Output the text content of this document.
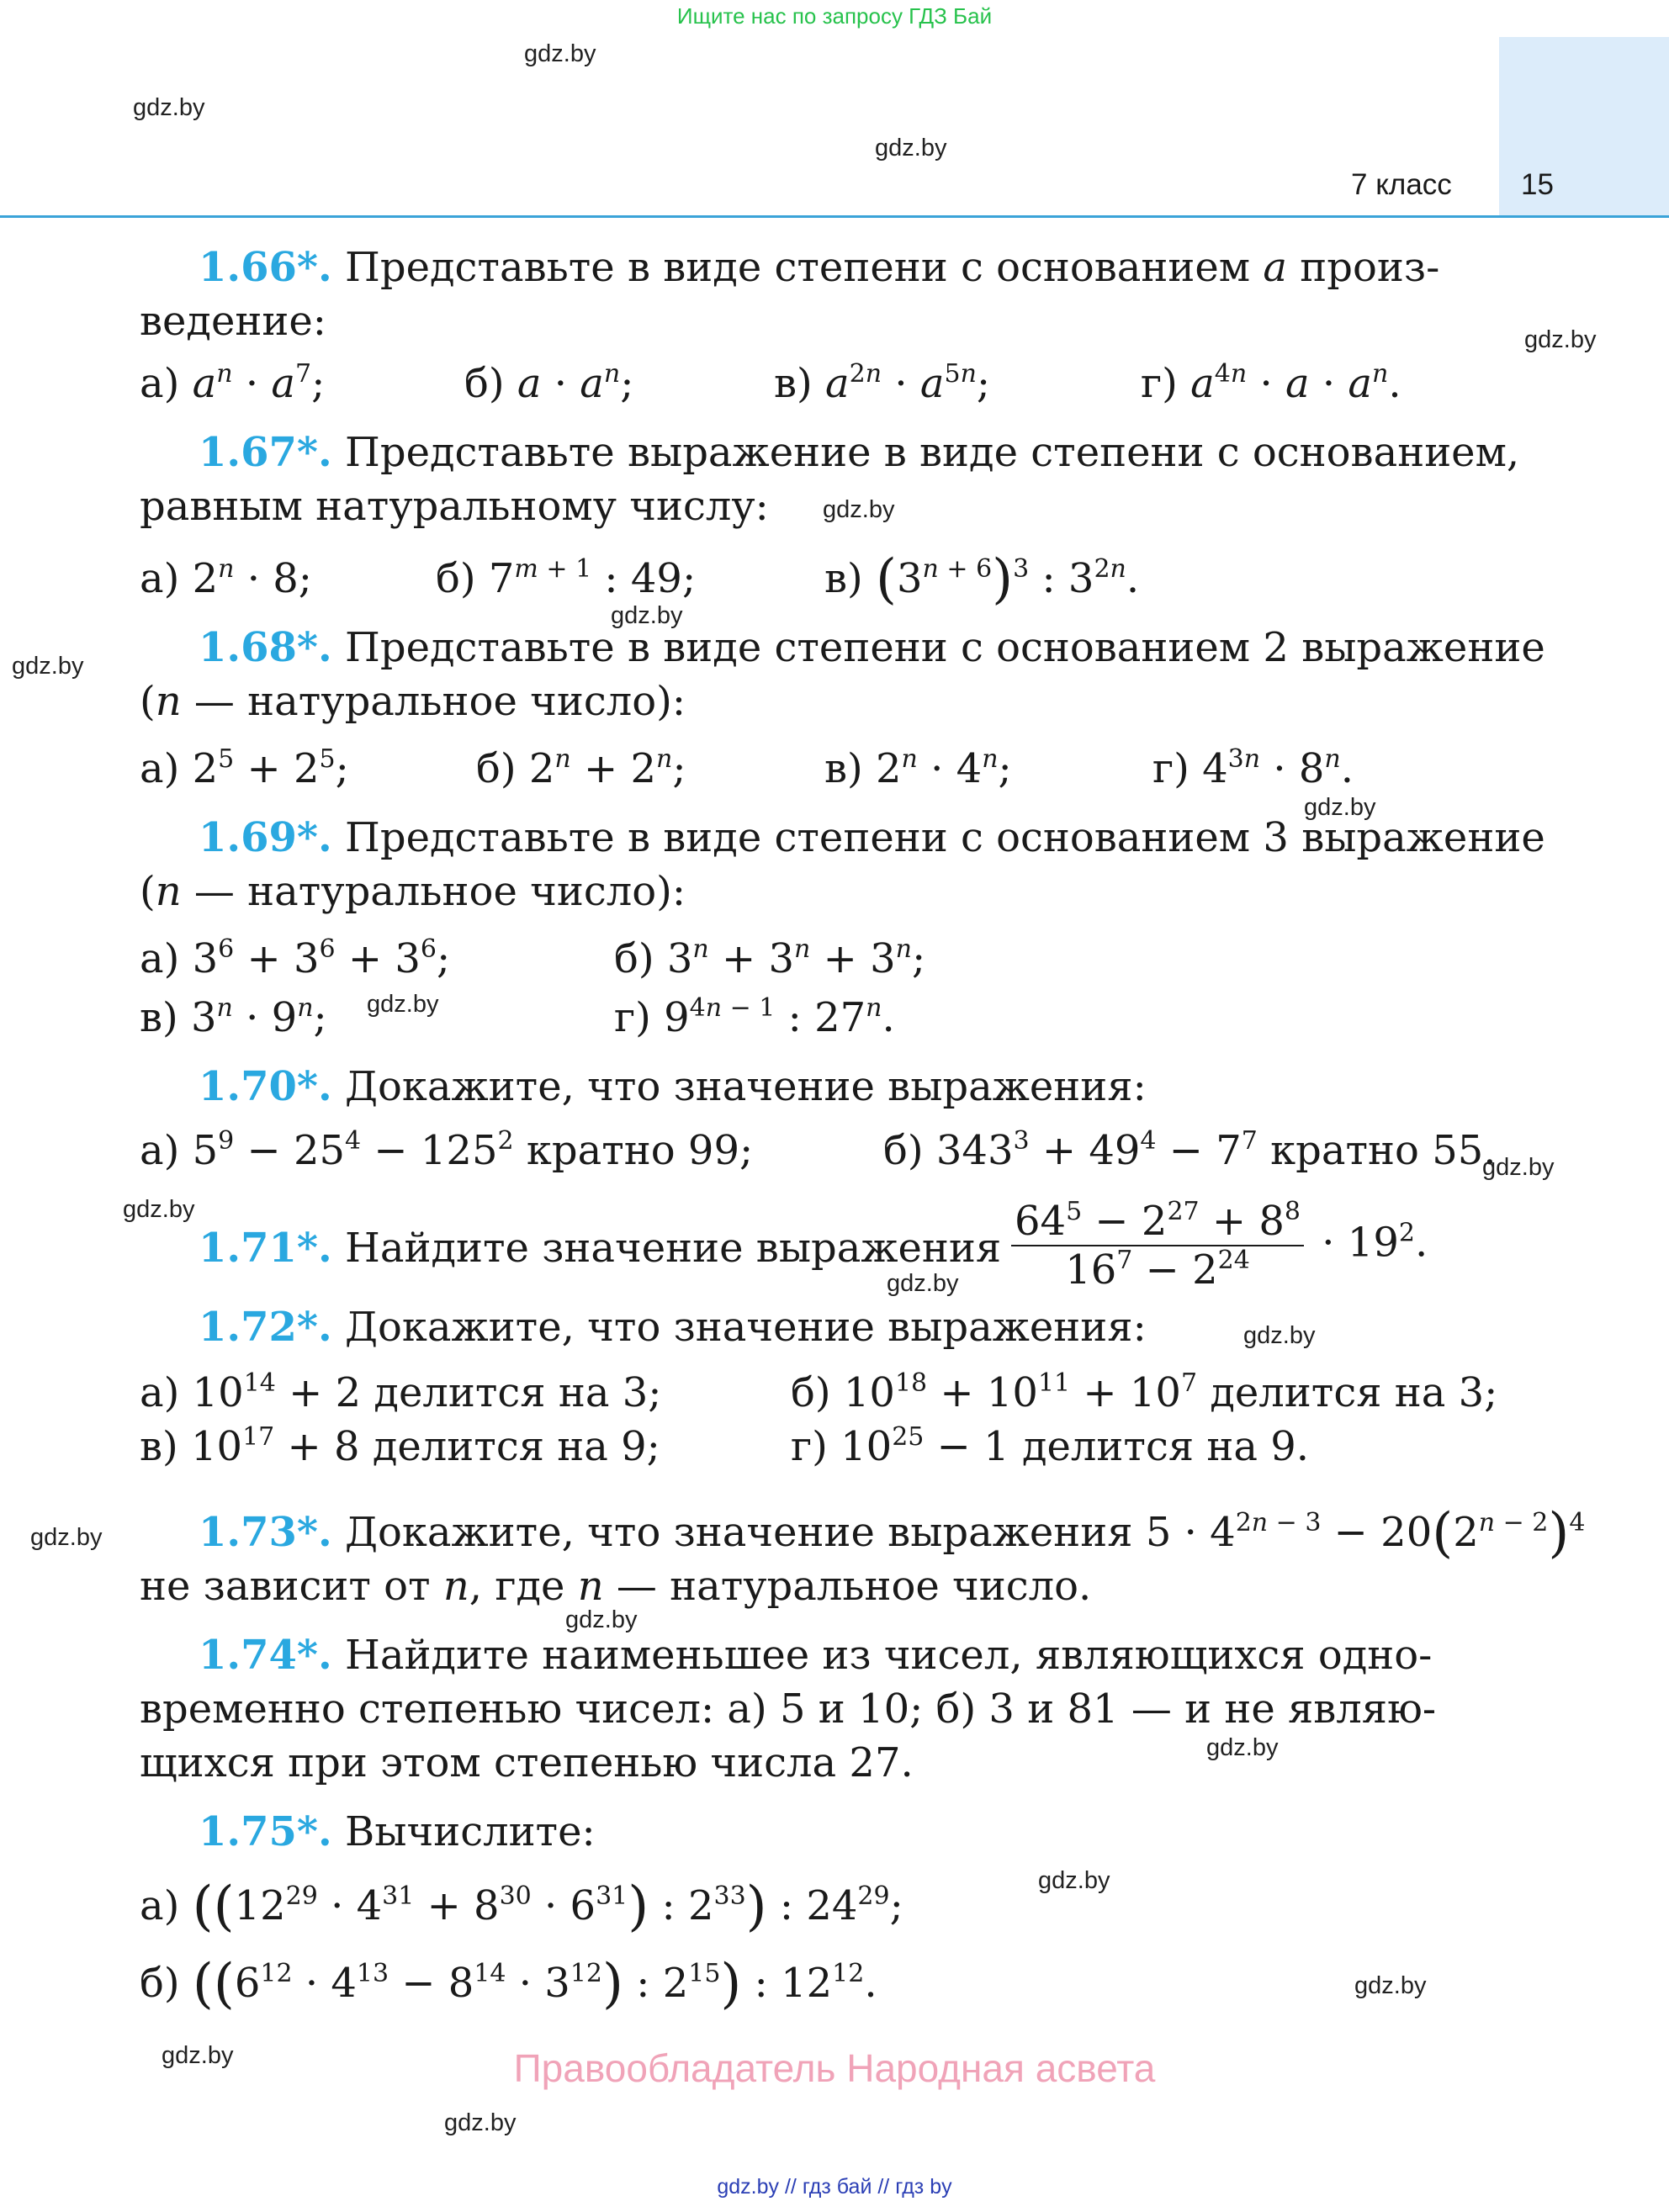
Ищите нас по запросу ГДЗ Бай
7 класс 15
gdz.by
gdz.by
gdz.by
gdz.by
gdz.by
gdz.by
gdz.by
gdz.by
gdz.by
gdz.by
gdz.by
gdz.by
gdz.by
gdz.by
gdz.by
gdz.by
gdz.by
gdz.by
gdz.by
gdz.by
1.66*. Представьте в виде степени с основанием a произ-
ведение:
а) $a^n \cdot a^7$;	б) $a \cdot a^n$;	в) $a^{2n} \cdot a^{5n}$;	г) $a^{4n} \cdot a \cdot a^n$.
1.67*. Представьте выражение в виде степени с основанием,
равным натуральному числу:
а) $2^n \cdot 8$;	б) $7^{m + 1}$ : 49;	в) $(3^{n + 6})^3$ : $3^{2n}$.
1.68*. Представьте в виде степени с основанием 2 выражение
(n — натуральное число):
а) $2^5 + 2^5$;	б) $2^n + 2^n$;	в) $2^n \cdot 4^n$;	г) $4^{3n} \cdot 8^n$.
1.69*. Представьте в виде степени с основанием 3 выражение
(n — натуральное число):
а) $3^6 + 3^6 + 3^6$;	б) $3^n + 3^n + 3^n$;
в) $3^n \cdot 9^n$;	г) $9^{4n - 1}$ : 27$^n$.
1.70*. Докажите, что значение выражения:
а) $5^9 - 25^4 - 125^2$ кратно 99;	б) $343^3 + 49^4 - 7^7$ кратно 55.
1.71*. Найдите значение выражения $\frac{64^5 - 2^{27} + 8^8}{16^7 - 2^{24}} \cdot 19^2$.
1.72*. Докажите, что значение выражения:
а) $10^{14} + 2$ делится на 3;	б) $10^{18} + 10^{11} + 10^7$ делится на 3;
в) $10^{17} + 8$ делится на 9;	г) $10^{25} - 1$ делится на 9.
1.73*. Докажите, что значение выражения $5 \cdot 4^{2n - 3} - 20(2^{n - 2})^4$
не зависит от n, где n — натуральное число.
1.74*. Найдите наименьшее из чисел, являющихся одно-
временно степенью чисел: а) 5 и 10; б) 3 и 81 — и не являю-
щихся при этом степенью числа 27.
1.75*. Вычислите:
а) ($(12^{29} \cdot 4^{31} + 8^{30} \cdot 6^{31})$ : $2^{33}$) : $24^{29}$;
б) ($(6^{12} \cdot 4^{13} - 8^{14} \cdot 3^{12})$ : $2^{15}$) : $12^{12}$.
Правообладатель Народная асвета
gdz.by // гдз бай // гдз by
